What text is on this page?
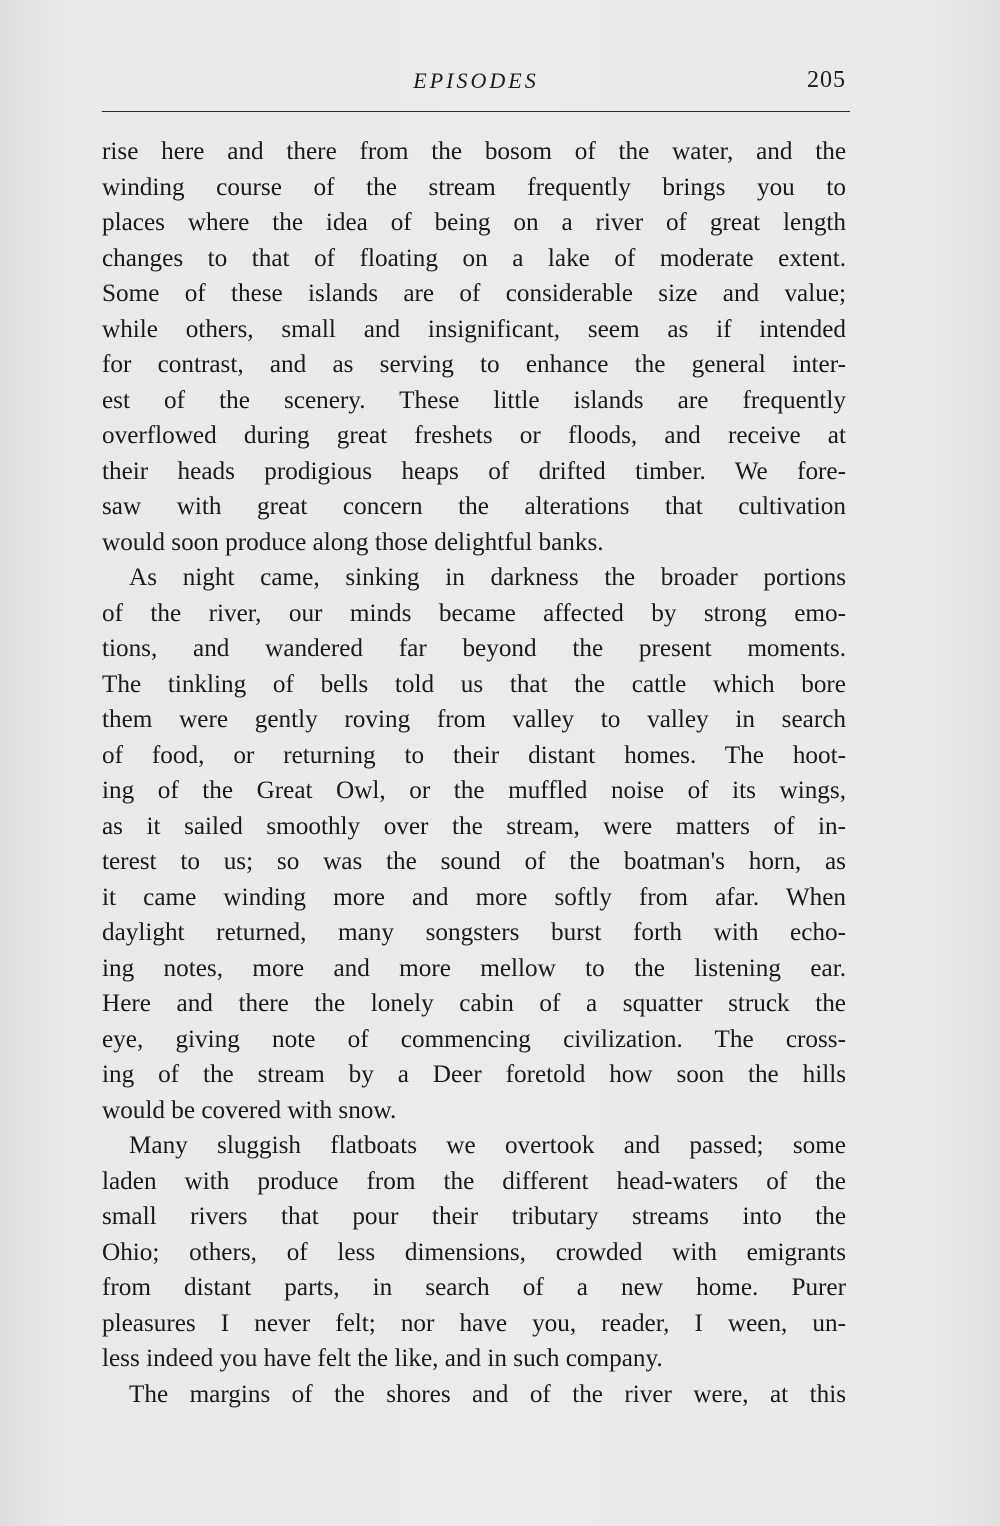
EPISODES	205
rise here and there from the bosom of the water, and the
winding course of the stream frequently brings you to
places where the idea of being on a river of great length
changes to that of floating on a lake of moderate extent.
Some of these islands are of considerable size and value;
while others, small and insignificant, seem as if intended
for contrast, and as serving to enhance the general inter-
est of the scenery. These little islands are frequently
overflowed during great freshets or floods, and receive at
their heads prodigious heaps of drifted timber. We fore-
saw with great concern the alterations that cultivation
would soon produce along those delightful banks.
As night came, sinking in darkness the broader portions
of the river, our minds became affected by strong emo-
tions, and wandered far beyond the present moments.
The tinkling of bells told us that the cattle which bore
them were gently roving from valley to valley in search
of food, or returning to their distant homes. The hoot-
ing of the Great Owl, or the muffled noise of its wings,
as it sailed smoothly over the stream, were matters of in-
terest to us; so was the sound of the boatman's horn, as
it came winding more and more softly from afar. When
daylight returned, many songsters burst forth with echo-
ing notes, more and more mellow to the listening ear.
Here and there the lonely cabin of a squatter struck the
eye, giving note of commencing civilization. The cross-
ing of the stream by a Deer foretold how soon the hills
would be covered with snow.
Many sluggish flatboats we overtook and passed; some
laden with produce from the different head-waters of the
small rivers that pour their tributary streams into the
Ohio; others, of less dimensions, crowded with emigrants
from distant parts, in search of a new home. Purer
pleasures I never felt; nor have you, reader, I ween, un-
less indeed you have felt the like, and in such company.
The margins of the shores and of the river were, at this
